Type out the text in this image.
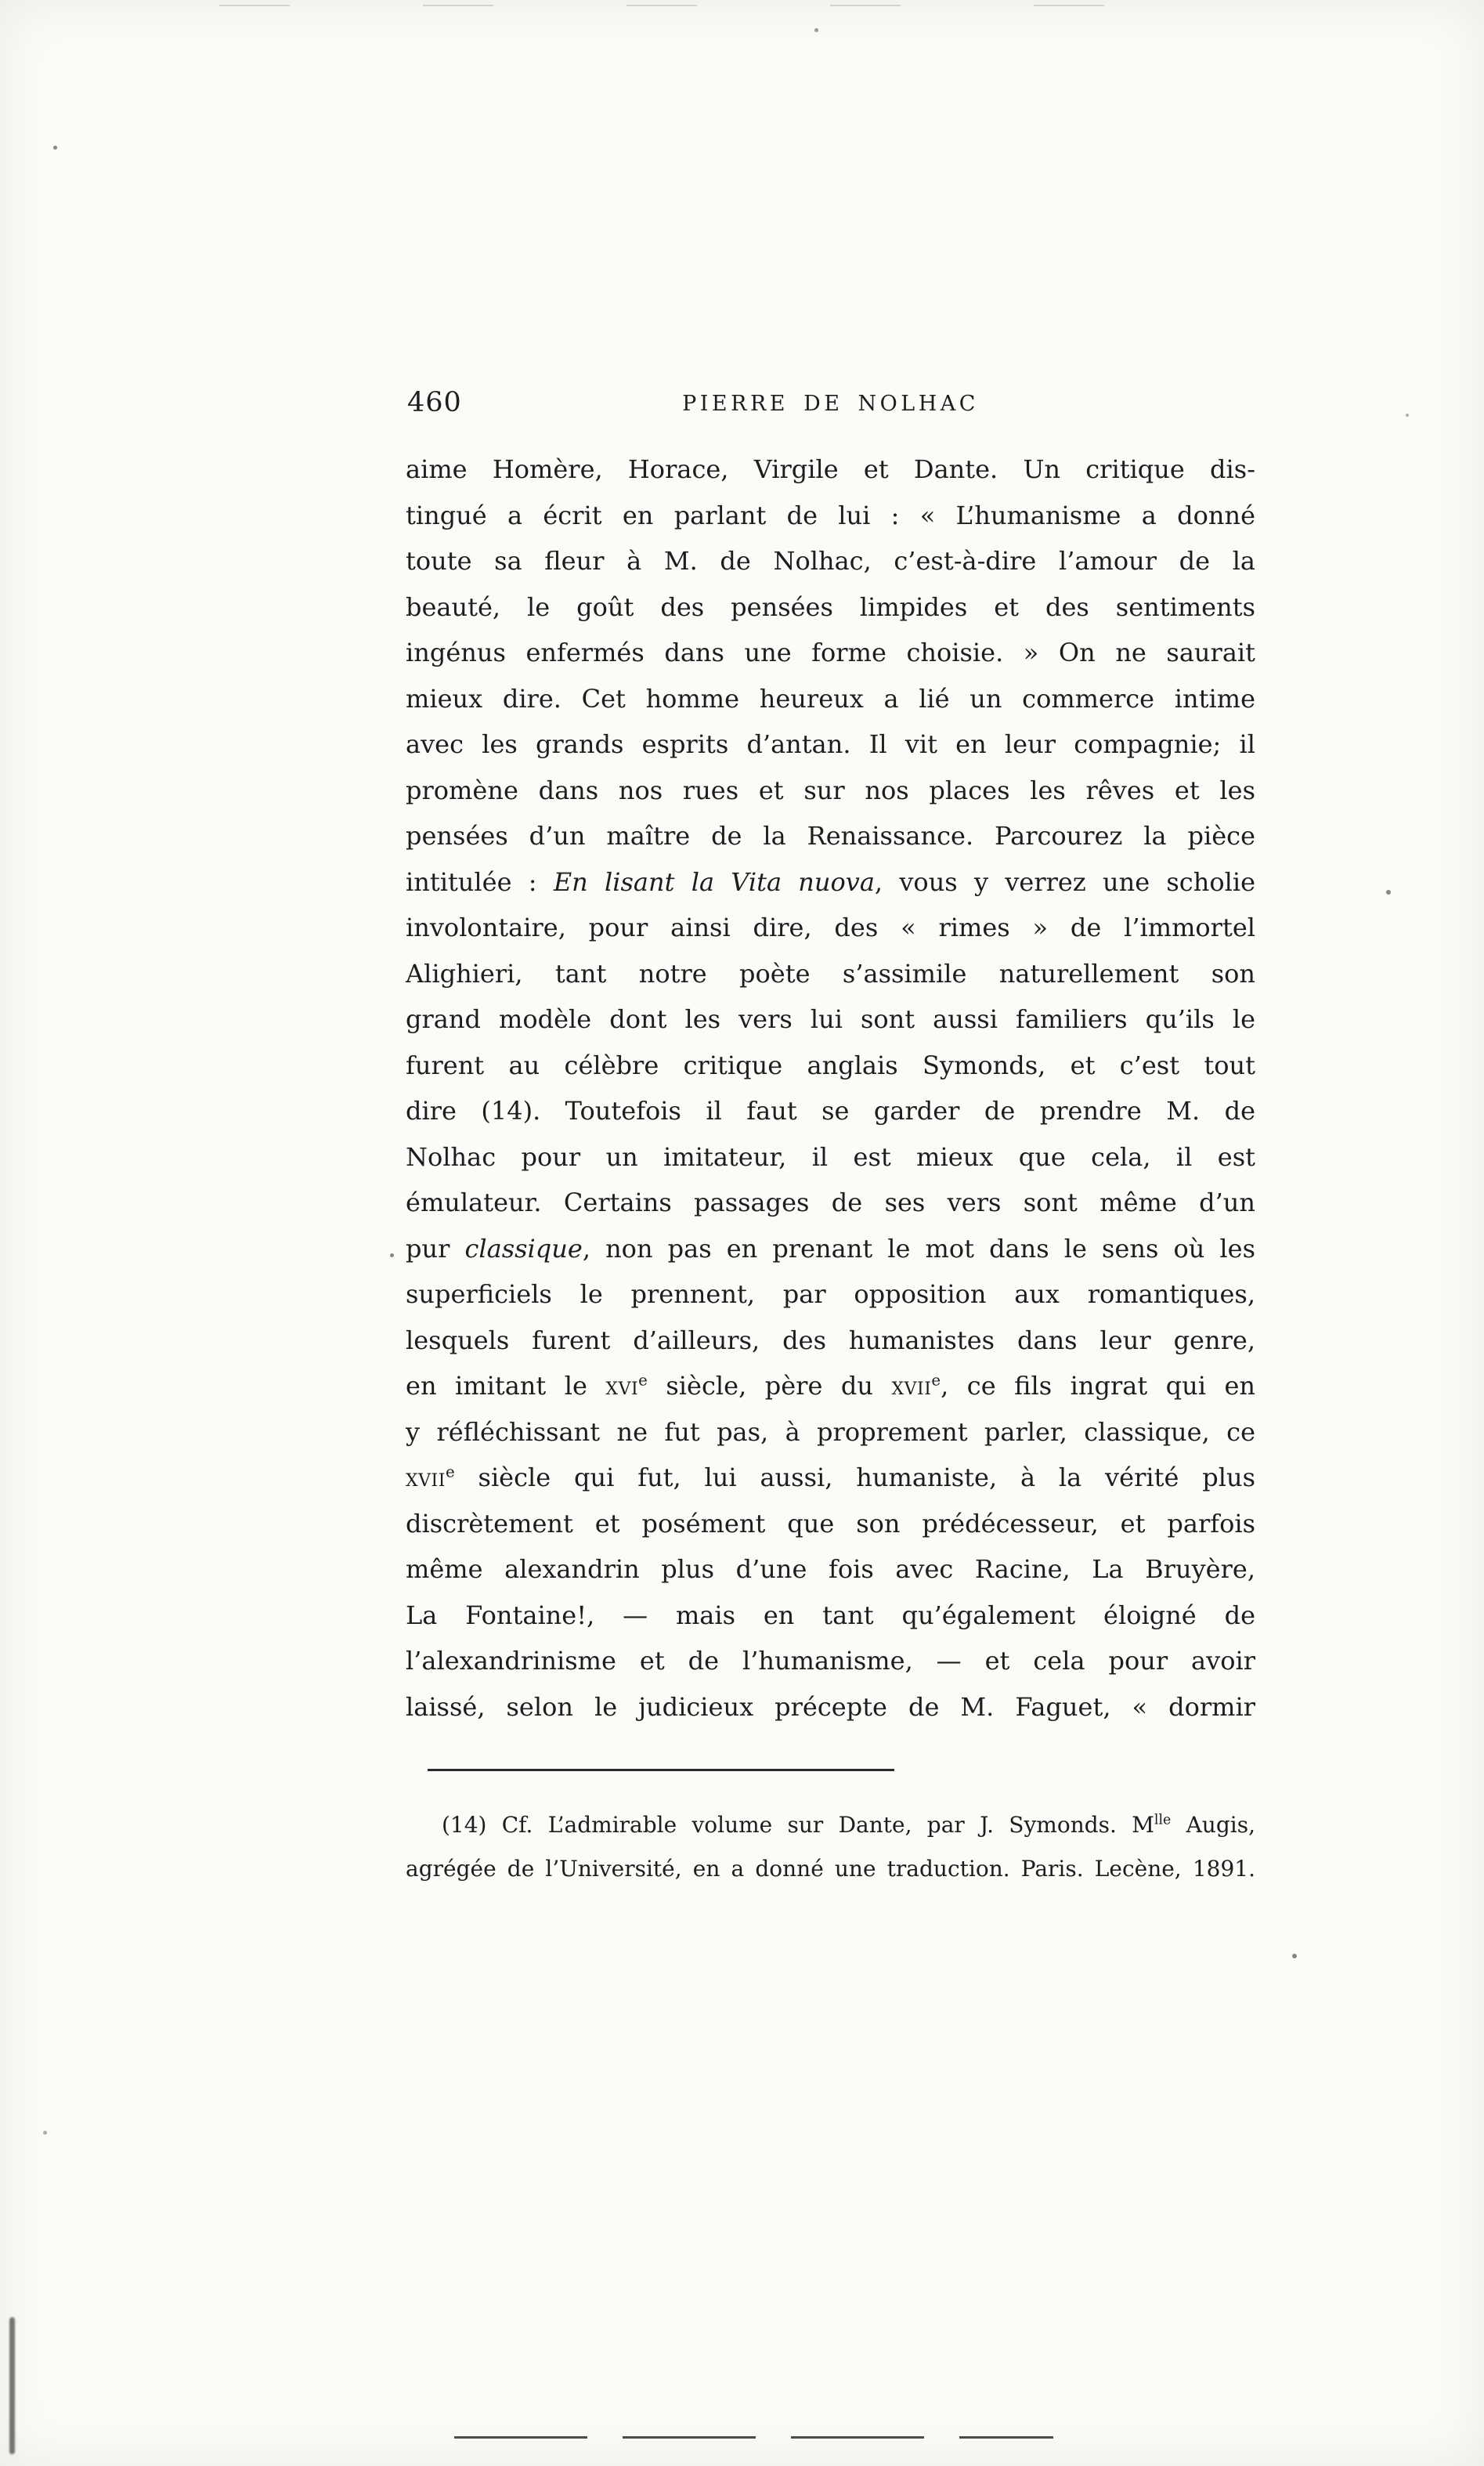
460	PIERRE DE NOLHAC
aime Homère, Horace, Virgile et Dante. Un critique dis-
tingué a écrit en parlant de lui : « L’humanisme a donné
toute sa fleur à M. de Nolhac, c’est-à-dire l’amour de la
beauté, le goût des pensées limpides et des sentiments
ingénus enfermés dans une forme choisie. » On ne saurait
mieux dire. Cet homme heureux a lié un commerce intime
avec les grands esprits d’antan. Il vit en leur compagnie; il
promène dans nos rues et sur nos places les rêves et les
pensées d’un maître de la Renaissance. Parcourez la pièce
intitulée : En lisant la Vita nuova, vous y verrez une scholie
involontaire, pour ainsi dire, des « rimes » de l’immortel
Alighieri, tant notre poète s’assimile naturellement son
grand modèle dont les vers lui sont aussi familiers qu’ils le
furent au célèbre critique anglais Symonds, et c’est tout
dire (14). Toutefois il faut se garder de prendre M. de
Nolhac pour un imitateur, il est mieux que cela, il est
émulateur. Certains passages de ses vers sont même d’un
pur classique, non pas en prenant le mot dans le sens où les
superficiels le prennent, par opposition aux romantiques,
lesquels furent d’ailleurs, des humanistes dans leur genre,
en imitant le xvi$^e$ siècle, père du xvii$^e$, ce fils ingrat qui en
y réfléchissant ne fut pas, à proprement parler, classique, ce
xvii$^e$ siècle qui fut, lui aussi, humaniste, à la vérité plus
discrètement et posément que son prédécesseur, et parfois
même alexandrin plus d’une fois avec Racine, La Bruyère,
La Fontaine!, — mais en tant qu’également éloigné de
l’alexandrinisme et de l’humanisme, — et cela pour avoir
laissé, selon le judicieux précepte de M. Faguet, « dormir
(14) Cf. L’admirable volume sur Dante, par J. Symonds. $M^{lle}$ Augis,
agrégée de l’Université, en a donné une traduction. Paris. Lecène, 1891.
